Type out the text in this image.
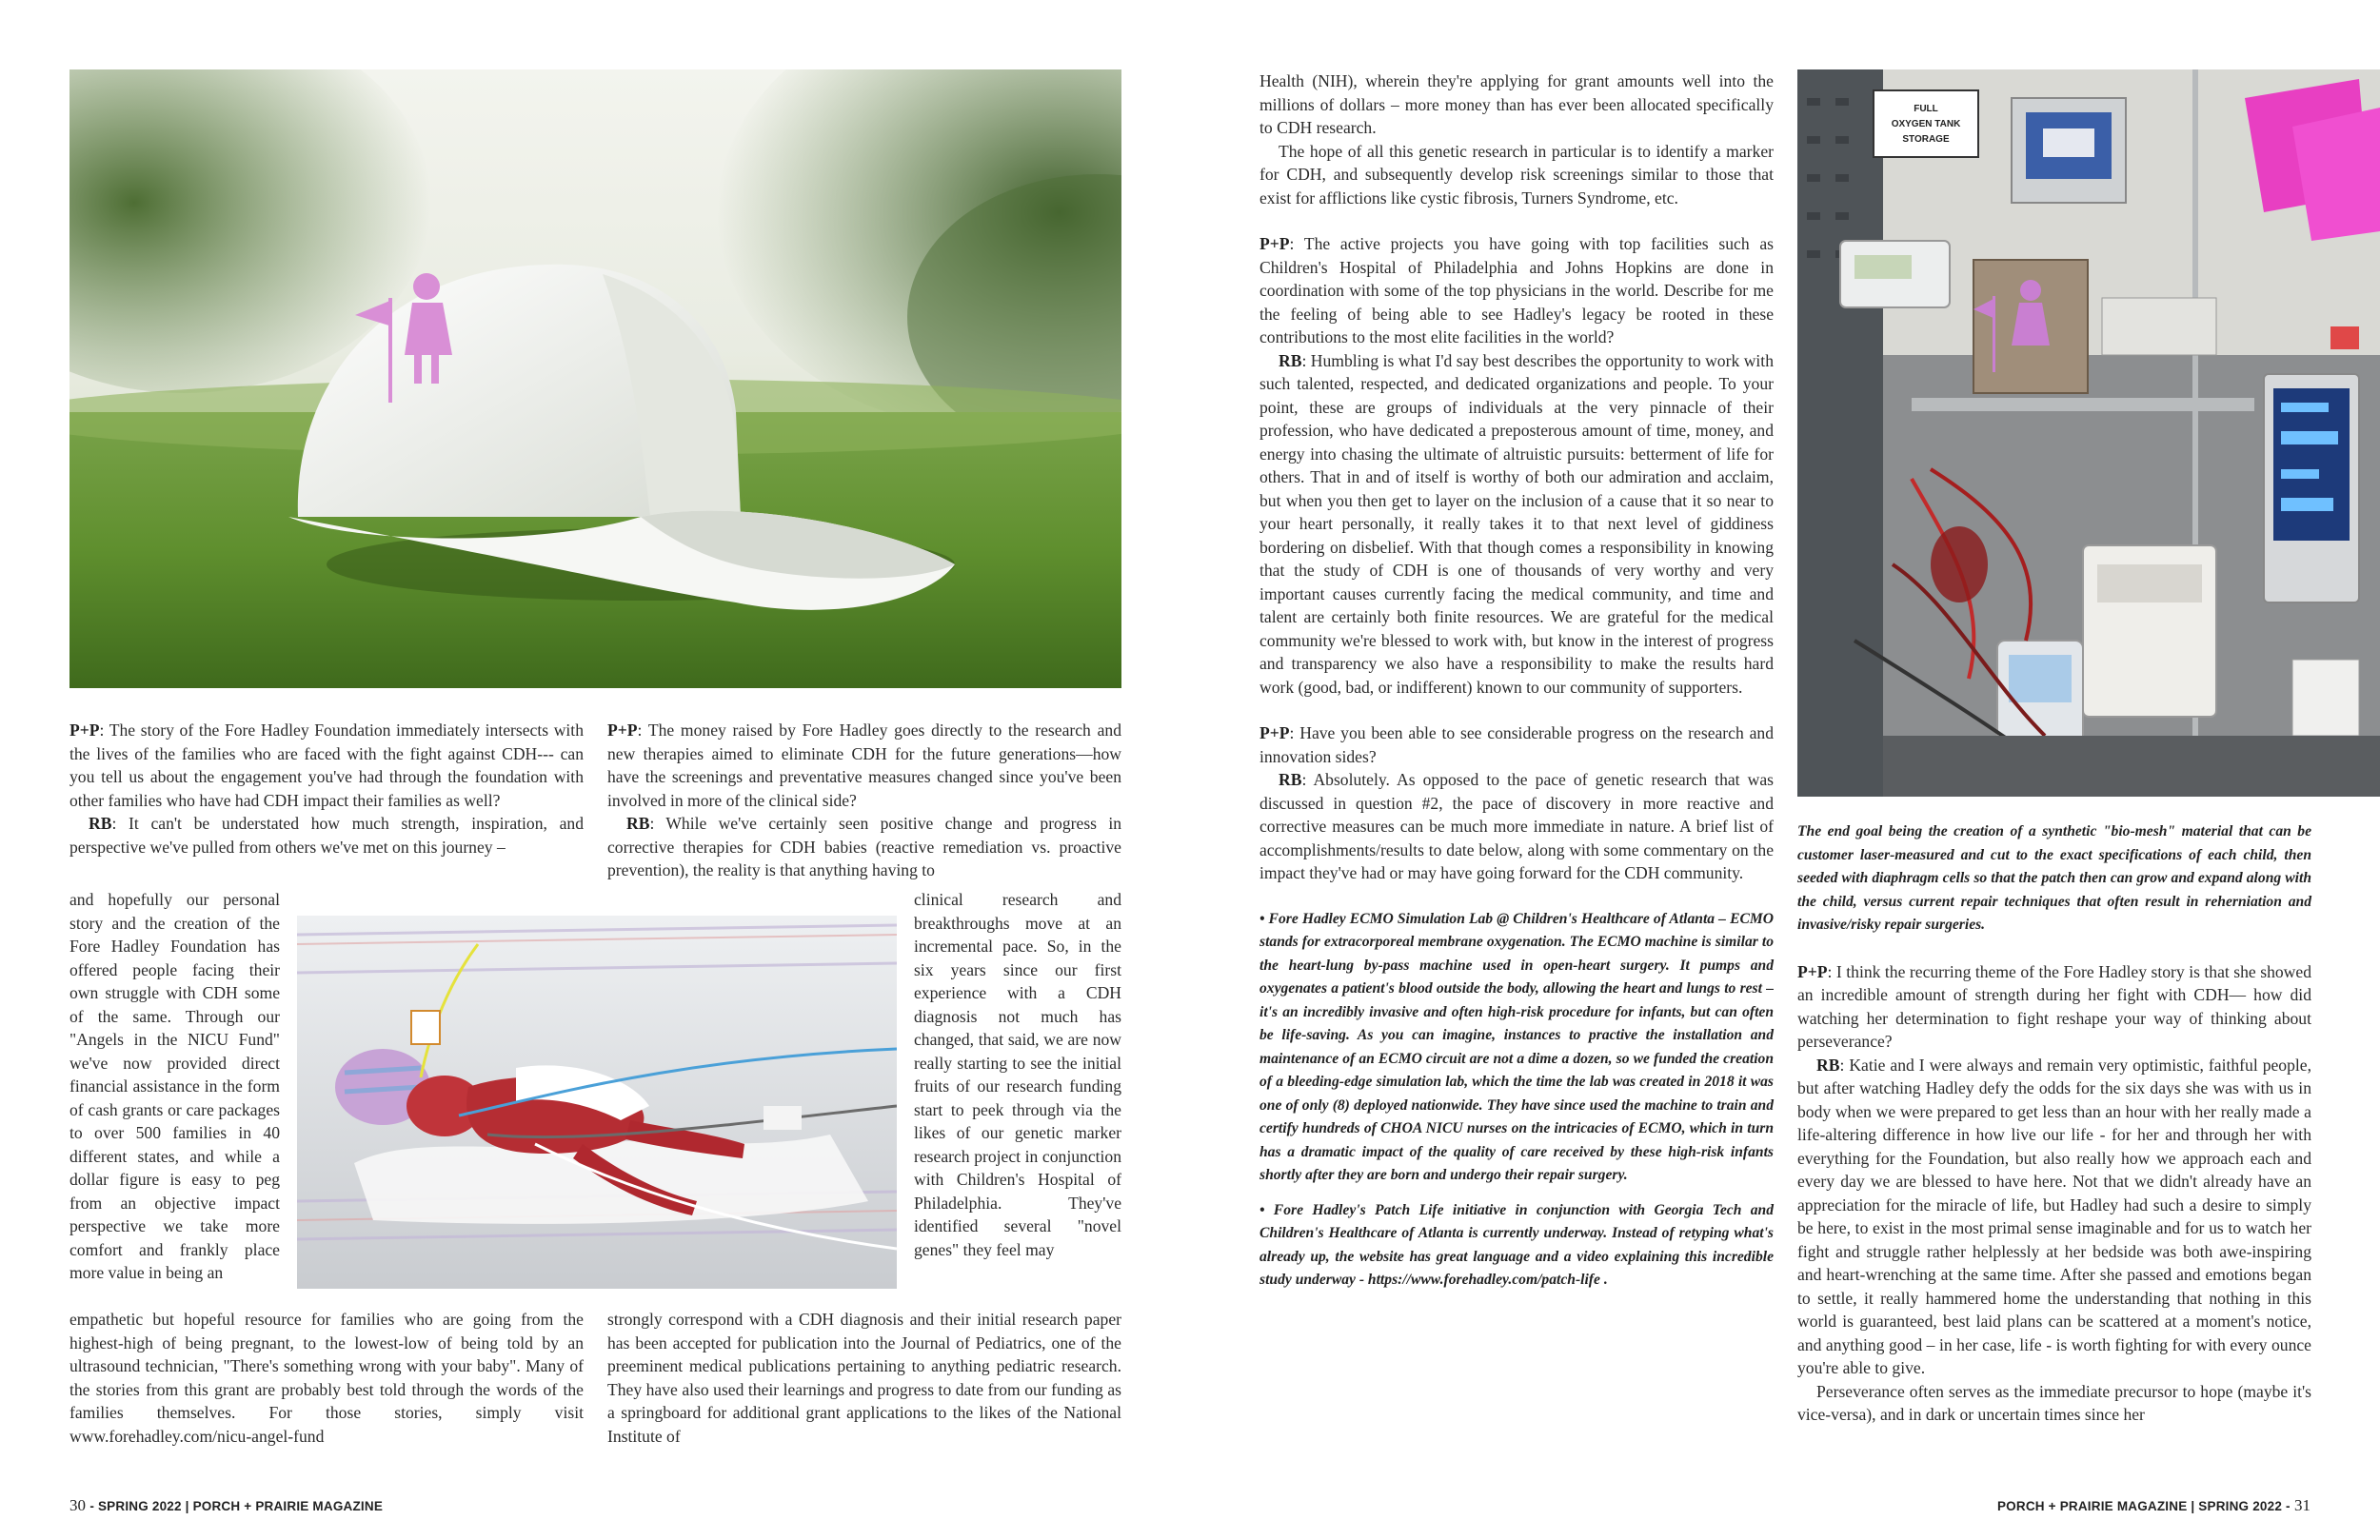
P+P: The story of the Fore Hadley Foundation immediately intersects with the lives of the families who are faced with the fight against CDH--- can you tell us about the engagement you've had through the foundation with other families who have had CDH impact their families as well?

RB: It can't be understated how much strength, inspiration, and perspective we've pulled from others we've met on this journey –

and hopefully our personal story and the creation of the Fore Hadley Foundation has offered people facing their own struggle with CDH some of the same. Through our "Angels in the NICU Fund" we've now provided direct financial assistance in the form of cash grants or care packages to over 500 families in 40 different states, and while a dollar figure is easy to peg from an objective impact perspective we take more comfort and frankly place more value in being an

empathetic but hopeful resource for families who are going from the highest-high of being pregnant, to the lowest-low of being told by an ultrasound technician, "There's something wrong with your baby". Many of the stories from this grant are probably best told through the words of the families themselves. For those stories, simply visit www.forehadley.com/nicu-angel-fund

P+P: The money raised by Fore Hadley goes directly to the research and new therapies aimed to eliminate CDH for the future generations—how have the screenings and preventative measures changed since you've been involved in more of the clinical side?

RB: While we've certainly seen positive change and progress in corrective therapies for CDH babies (reactive remediation vs. proactive prevention), the reality is that anything having to

clinical research and breakthroughs move at an incremental pace. So, in the six years since our first experience with a CDH diagnosis not much has changed, that said, we are now really starting to see the initial fruits of our research funding start to peek through via the likes of our genetic marker research project in conjunction with Children's Hospital of Philadelphia. They've identified several "novel genes" they feel may

strongly correspond with a CDH diagnosis and their initial research paper has been accepted for publication into the Journal of Pediatrics, one of the preeminent medical publications pertaining to anything pediatric research. They have also used their learnings and progress to date from our funding as a springboard for additional grant applications to the likes of the National Institute of

30 - SPRING 2022 | PORCH + PRAIRIE MAGAZINE

Health (NIH), wherein they're applying for grant amounts well into the millions of dollars – more money than has ever been allocated specifically to CDH research.

The hope of all this genetic research in particular is to identify a marker for CDH, and subsequently develop risk screenings similar to those that exist for afflictions like cystic fibrosis, Turners Syndrome, etc.

P+P: The active projects you have going with top facilities such as Children's Hospital of Philadelphia and Johns Hopkins are done in coordination with some of the top physicians in the world. Describe for me the feeling of being able to see Hadley's legacy be rooted in these contributions to the most elite facilities in the world?

RB: Humbling is what I'd say best describes the opportunity to work with such talented, respected, and dedicated organizations and people. To your point, these are groups of individuals at the very pinnacle of their profession, who have dedicated a preposterous amount of time, money, and energy into chasing the ultimate of altruistic pursuits: betterment of life for others. That in and of itself is worthy of both our admiration and acclaim, but when you then get to layer on the inclusion of a cause that it so near to your heart personally, it really takes it to that next level of giddiness bordering on disbelief. With that though comes a responsibility in knowing that the study of CDH is one of thousands of very worthy and very important causes currently facing the medical community, and time and talent are certainly both finite resources. We are grateful for the medical community we're blessed to work with, but know in the interest of progress and transparency we also have a responsibility to make the results hard work (good, bad, or indifferent) known to our community of supporters.

P+P: Have you been able to see considerable progress on the research and innovation sides?

RB: Absolutely. As opposed to the pace of genetic research that was discussed in question #2, the pace of discovery in more reactive and corrective measures can be much more immediate in nature. A brief list of accomplishments/results to date below, along with some commentary on the impact they've had or may have going forward for the CDH community.

• Fore Hadley ECMO Simulation Lab @ Children's Healthcare of Atlanta – ECMO stands for extracorporeal membrane oxygenation. The ECMO machine is similar to the heart-lung by-pass machine used in open-heart surgery. It pumps and oxygenates a patient's blood outside the body, allowing the heart and lungs to rest – it's an incredibly invasive and often high-risk procedure for infants, but can often be life-saving. As you can imagine, instances to practive the installation and maintenance of an ECMO circuit are not a dime a dozen, so we funded the creation of a bleeding-edge simulation lab, which the time the lab was created in 2018 it was one of only (8) deployed nationwide. They have since used the machine to train and certify hundreds of CHOA NICU nurses on the intricacies of ECMO, which in turn has a dramatic impact of the quality of care received by these high-risk infants shortly after they are born and undergo their repair surgery.

• Fore Hadley's Patch Life initiative in conjunction with Georgia Tech and Children's Healthcare of Atlanta is currently underway. Instead of retyping what's already up, the website has great language and a video explaining this incredible study underway - https://www.forehadley.com/patch-life .

FULL
OXYGEN TANK
STORAGE

The end goal being the creation of a synthetic "bio-mesh" material that can be customer laser-measured and cut to the exact specifications of each child, then seeded with diaphragm cells so that the patch then can grow and expand along with the child, versus current repair techniques that often result in reherniation and invasive/risky repair surgeries.

P+P: I think the recurring theme of the Fore Hadley story is that she showed an incredible amount of strength during her fight with CDH— how did watching her determination to fight reshape your way of thinking about perseverance?

RB: Katie and I were always and remain very optimistic, faithful people, but after watching Hadley defy the odds for the six days she was with us in body when we were prepared to get less than an hour with her really made a life-altering difference in how live our life - for her and through her with everything for the Foundation, but also really how we approach each and every day we are blessed to have here. Not that we didn't already have an appreciation for the miracle of life, but Hadley had such a desire to simply be here, to exist in the most primal sense imaginable and for us to watch her fight and struggle rather helplessly at her bedside was both awe-inspiring and heart-wrenching at the same time. After she passed and emotions began to settle, it really hammered home the understanding that nothing in this world is guaranteed, best laid plans can be scattered at a moment's notice, and anything good – in her case, life - is worth fighting for with every ounce you're able to give.

Perseverance often serves as the immediate precursor to hope (maybe it's vice-versa), and in dark or uncertain times since her

PORCH + PRAIRIE MAGAZINE | SPRING 2022 - 31
